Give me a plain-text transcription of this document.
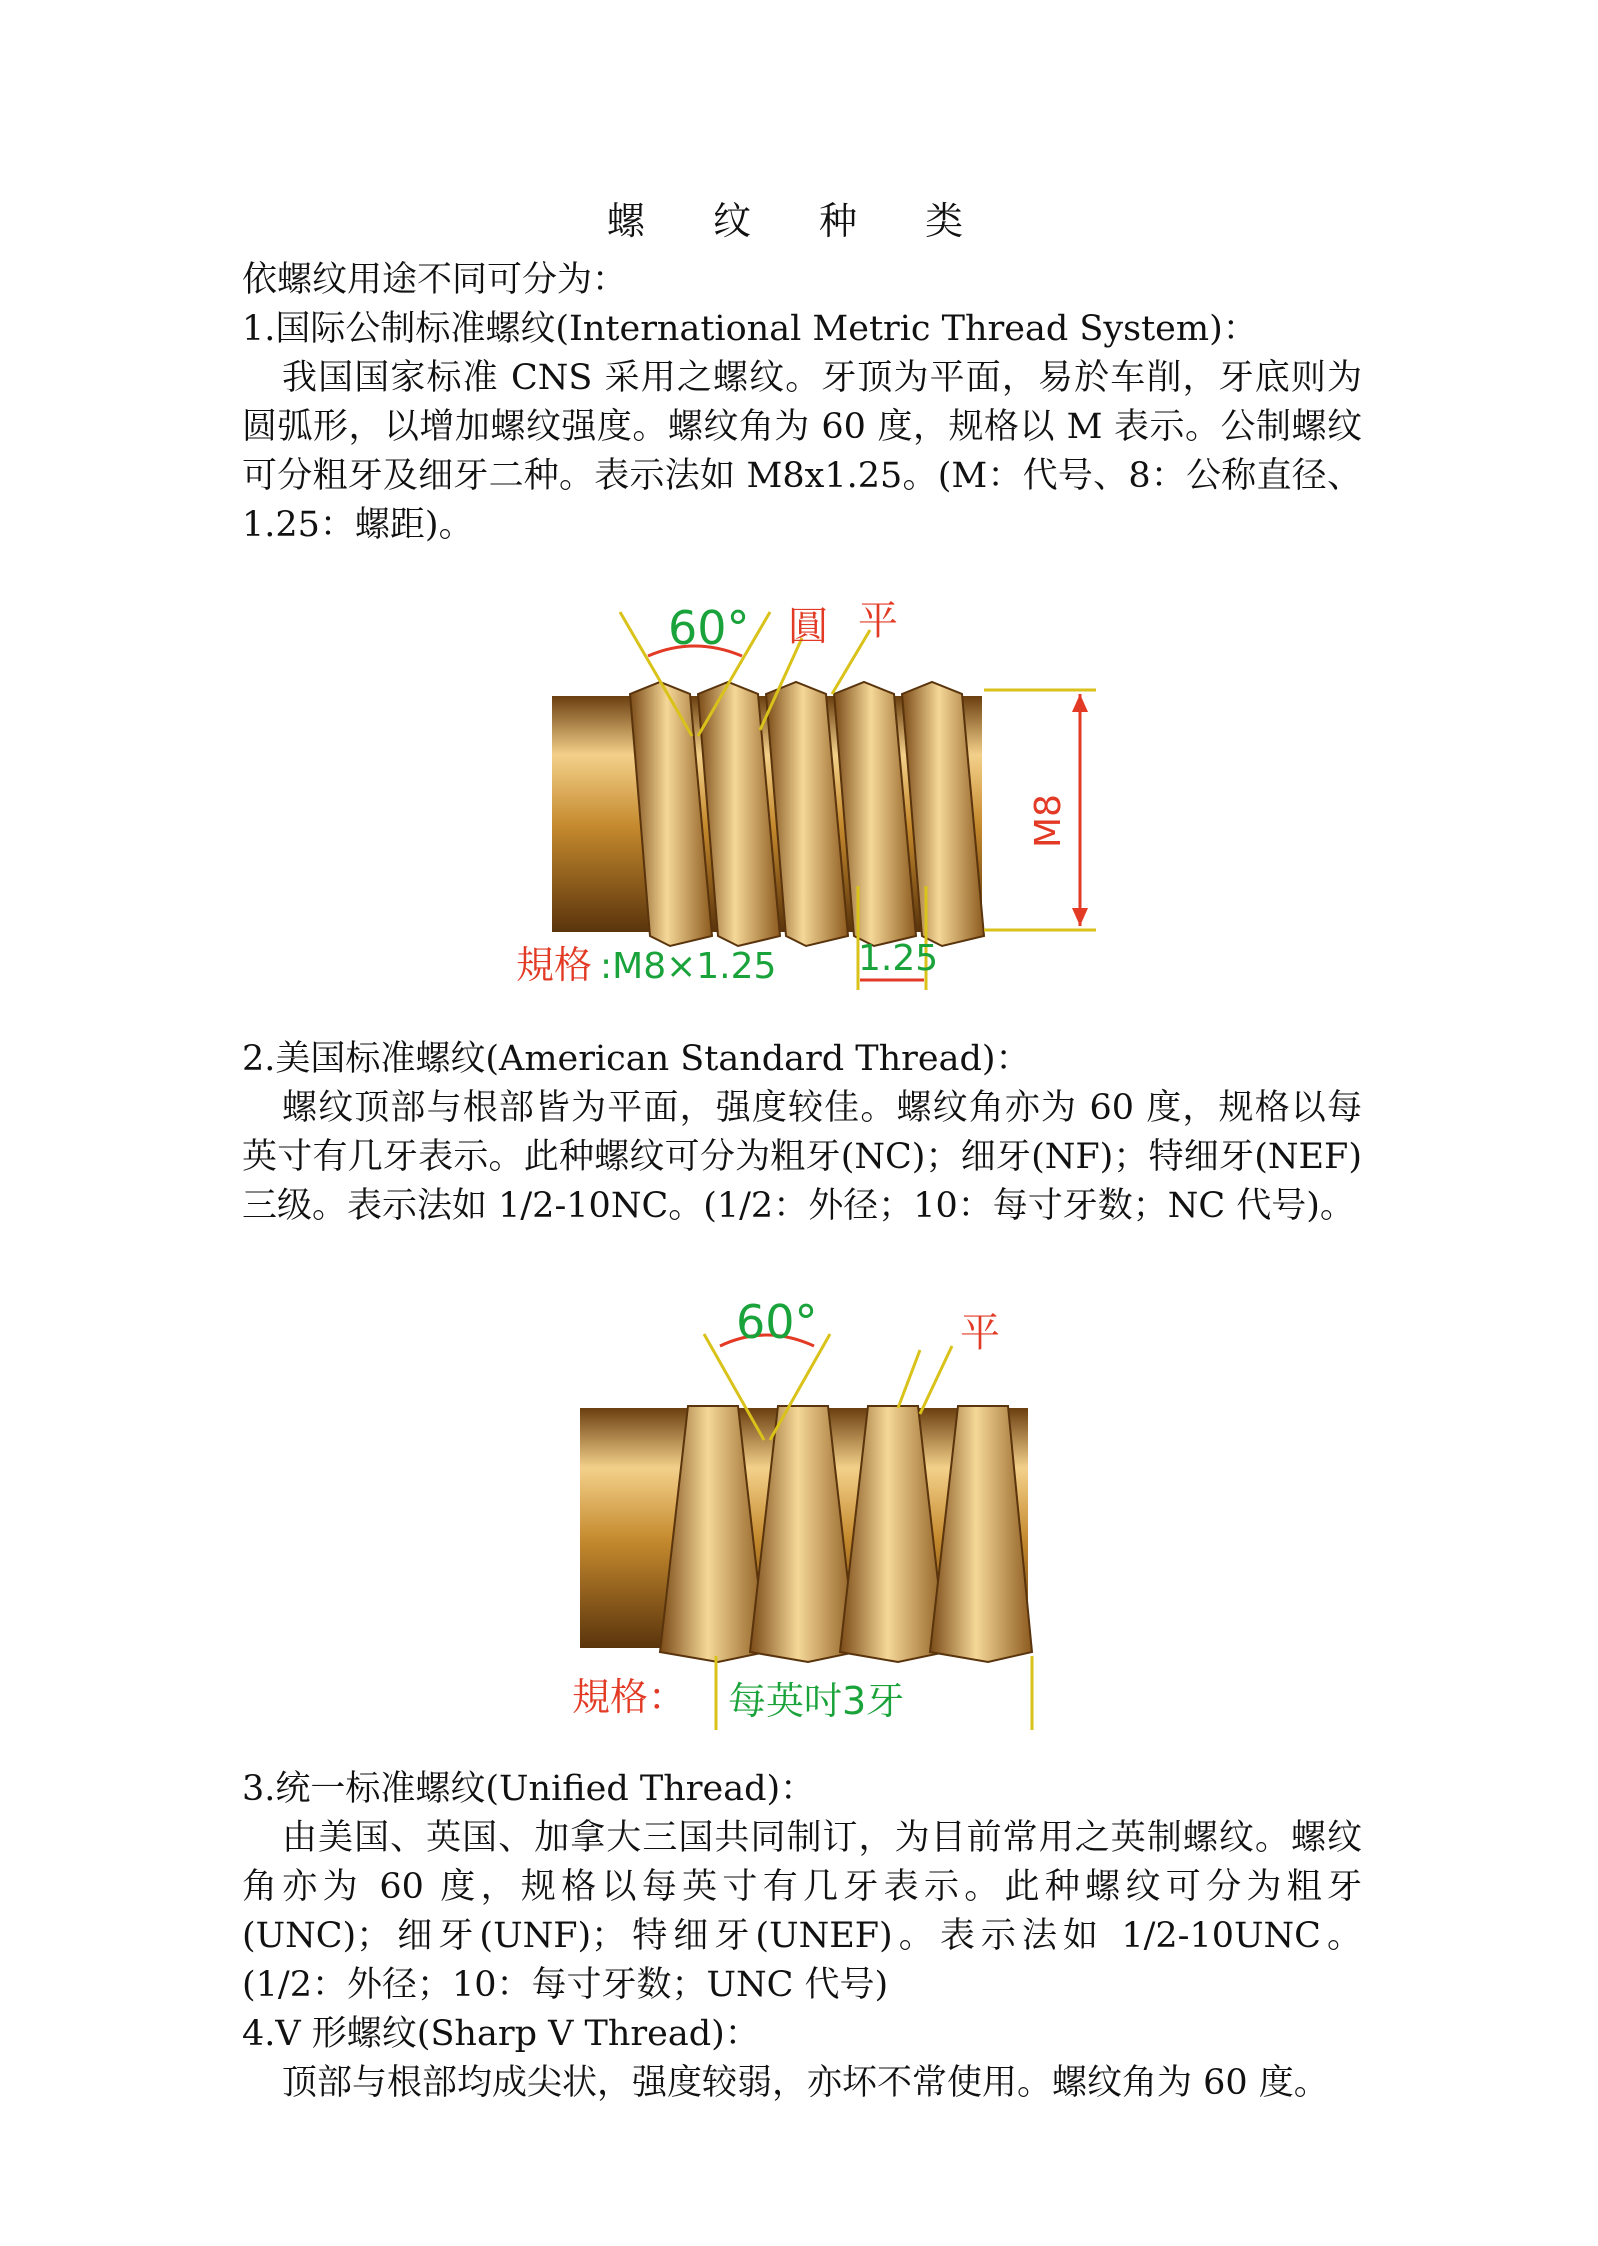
螺 纹 种 类

依螺纹用途不同可分为：

1.国际公制标准螺纹(International Metric Thread System)：

我国国家标准 CNS 采用之螺纹。牙顶为平面，易於车削，牙底则为圆弧形，以增加螺纹强度。螺纹角为 60 度，规格以 M 表示。公制螺纹可分粗牙及细牙二种。表示法如 M8x1.25。(M：代号、8：公称直径、1.25：螺距)。

60° 圓 平
M8
規格 :M8×1.25 1.25

2.美国标准螺纹(American Standard Thread)：

螺纹顶部与根部皆为平面，强度较佳。螺纹角亦为 60 度，规格以每英寸有几牙表示。此种螺纹可分为粗牙(NC)；细牙(NF)；特细牙(NEF)三级。表示法如 1/2-10NC。(1/2：外径；10：每寸牙数；NC 代号)。

60°	平
規格： 每英吋3牙

3.统一标准螺纹(Unified Thread)：

由美国、英国、加拿大三国共同制订，为目前常用之英制螺纹。螺纹角亦为 60 度，规格以每英寸有几牙表示。此种螺纹可分为粗牙(UNC)；细牙(UNF)；特细牙(UNEF)。表示法如 1/2-10UNC。(1/2：外径；10：每寸牙数；UNC 代号)

4.V 形螺纹(Sharp V Thread)：

顶部与根部均成尖状，强度较弱，亦坏不常使用。螺纹角为 60 度。
